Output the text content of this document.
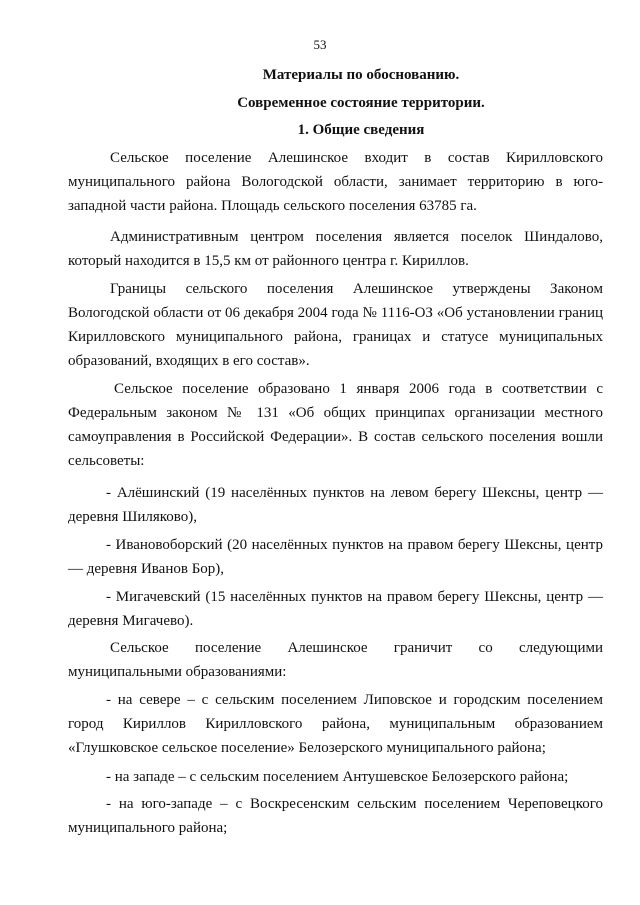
53
Материалы по обоснованию.
Современное состояние территории.
1. Общие сведения

Сельское поселение Алешинское входит в состав Кирилловского муниципального района Вологодской области, занимает территорию в юго-западной части района. Площадь сельского поселения 63785 га.

Административным центром поселения является поселок Шиндалово, который находится в 15,5 км от районного центра г. Кириллов.

Границы сельского поселения Алешинское утверждены Законом Вологодской области от 06 декабря 2004 года № 1116-ОЗ «Об установлении границ Кирилловского муниципального района, границах и статусе муниципальных образований, входящих в его состав».

Сельское поселение образовано 1 января 2006 года в соответствии с Федеральным законом № 131 «Об общих принципах организации местного самоуправления в Российской Федерации». В состав сельского поселения вошли сельсоветы:

- Алёшинский (19 населённых пунктов на левом берегу Шексны, центр — деревня Шиляково),

- Ивановоборский (20 населённых пунктов на правом берегу Шексны, центр — деревня Иванов Бор),

- Мигачевский (15 населённых пунктов на правом берегу Шексны, центр — деревня Мигачево).

Сельское поселение Алешинское граничит со следующими муниципальными образованиями:

- на севере – с сельским поселением Липовское и городским поселением город Кириллов Кирилловского района, муниципальным образованием «Глушковское сельское поселение» Белозерского муниципального района;

- на западе – с сельским поселением Антушевское Белозерского района;

- на юго-западе – с Воскресенским сельским поселением Череповецкого муниципального района;
